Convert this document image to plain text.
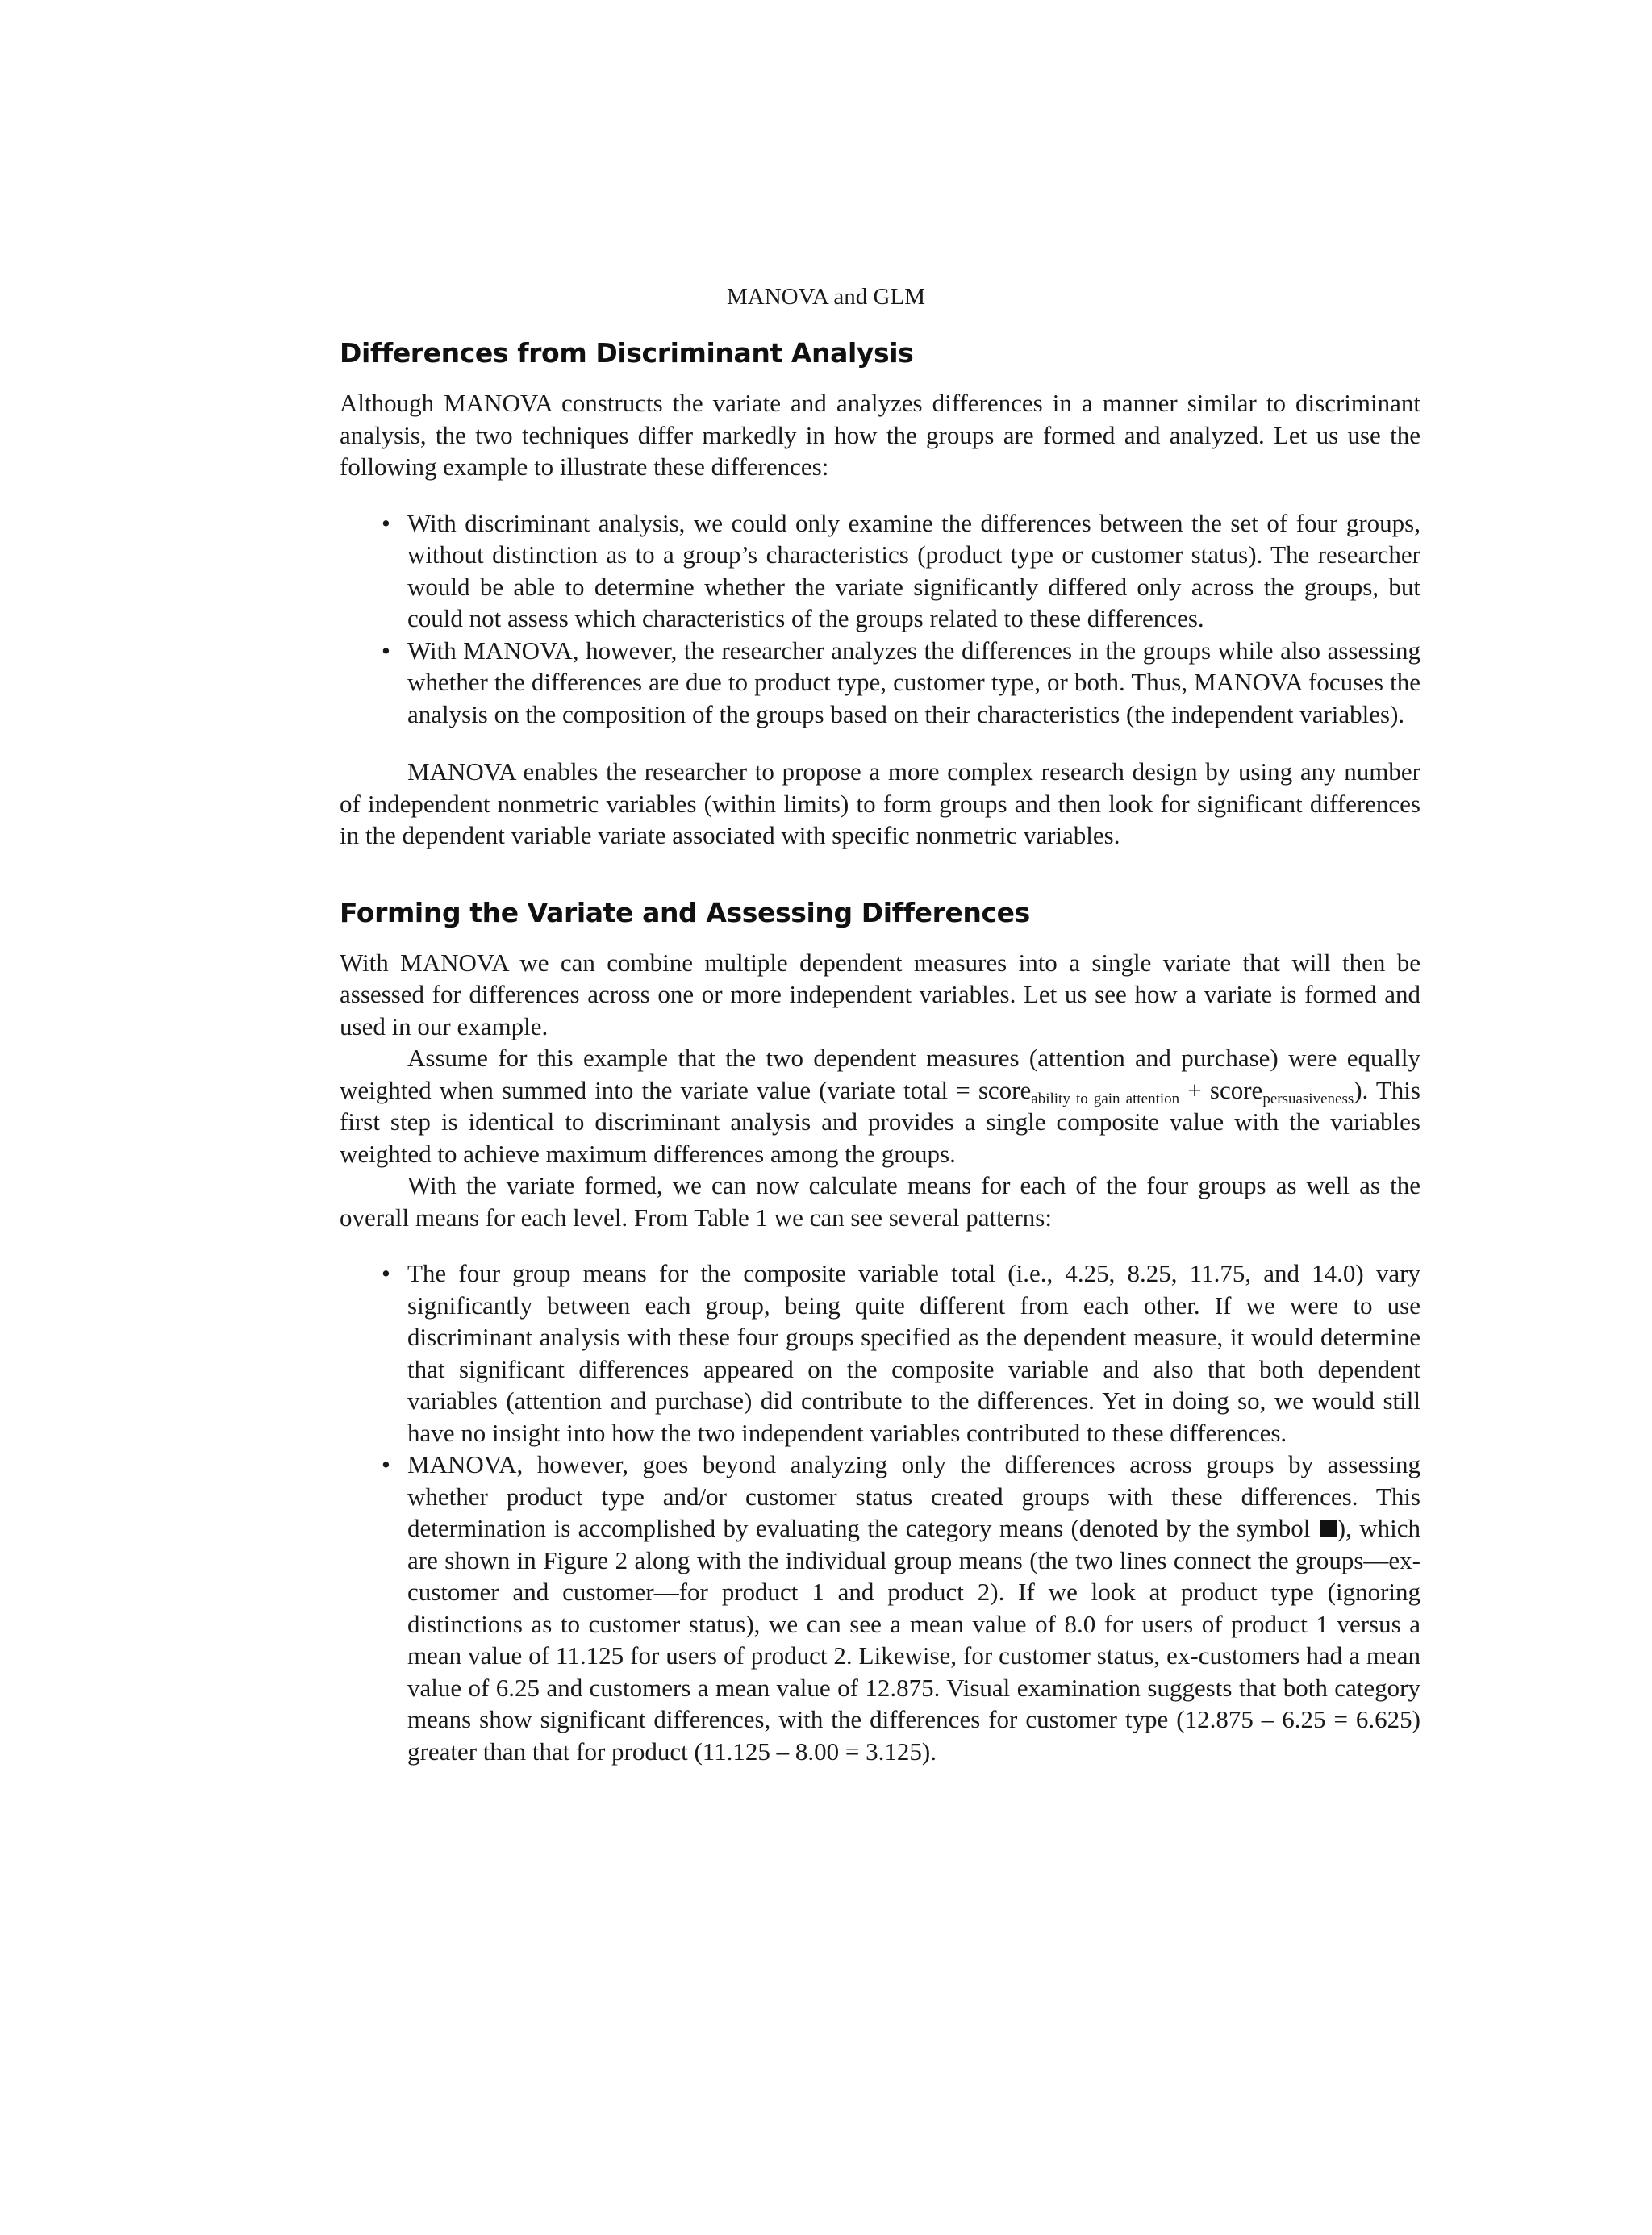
MANOVA and GLM
Differences from Discriminant Analysis

Although MANOVA constructs the variate and analyzes differences in a manner similar to discriminant analysis, the two techniques differ markedly in how the groups are formed and analyzed. Let us use the following example to illustrate these differences:

• With discriminant analysis, we could only examine the differences between the set of four groups, without distinction as to a group’s characteristics (product type or customer status). The researcher would be able to determine whether the variate significantly differed only across the groups, but could not assess which characteristics of the groups related to these differences.
• With MANOVA, however, the researcher analyzes the differences in the groups while also assessing whether the differences are due to product type, customer type, or both. Thus, MANOVA focuses the analysis on the composition of the groups based on their characteristics (the independent variables).

MANOVA enables the researcher to propose a more complex research design by using any number of independent nonmetric variables (within limits) to form groups and then look for significant differences in the dependent variable variate associated with specific nonmetric variables.

Forming the Variate and Assessing Differences

With MANOVA we can combine multiple dependent measures into a single variate that will then be assessed for differences across one or more independent variables. Let us see how a variate is formed and used in our example.

Assume for this example that the two dependent measures (attention and purchase) were equally weighted when summed into the variate value (variate total = score$_{ability to gain attention}$ + score$_{persuasiveness}$). This first step is identical to discriminant analysis and provides a single composite value with the variables weighted to achieve maximum differences among the groups.

With the variate formed, we can now calculate means for each of the four groups as well as the overall means for each level. From Table 1 we can see several patterns:

• The four group means for the composite variable total (i.e., 4.25, 8.25, 11.75, and 14.0) vary significantly between each group, being quite different from each other. If we were to use discriminant analysis with these four groups specified as the dependent measure, it would determine that significant differences appeared on the composite variable and also that both dependent variables (attention and purchase) did contribute to the differences. Yet in doing so, we would still have no insight into how the two independent variables contributed to these differences.
• MANOVA, however, goes beyond analyzing only the differences across groups by assessing whether product type and/or customer status created groups with these differences. This determination is accomplished by evaluating the category means (denoted by the symbol ), which are shown in Figure 2 along with the individual group means (the two lines connect the groups—ex-customer and customer—for product 1 and product 2). If we look at product type (ignoring distinctions as to customer status), we can see a mean value of 8.0 for users of product 1 versus a mean value of 11.125 for users of product 2. Likewise, for customer status, ex-customers had a mean value of 6.25 and customers a mean value of 12.875. Visual examination suggests that both category means show significant differences, with the differences for customer type (12.875 – 6.25 = 6.625) greater than that for product (11.125 – 8.00 = 3.125).
